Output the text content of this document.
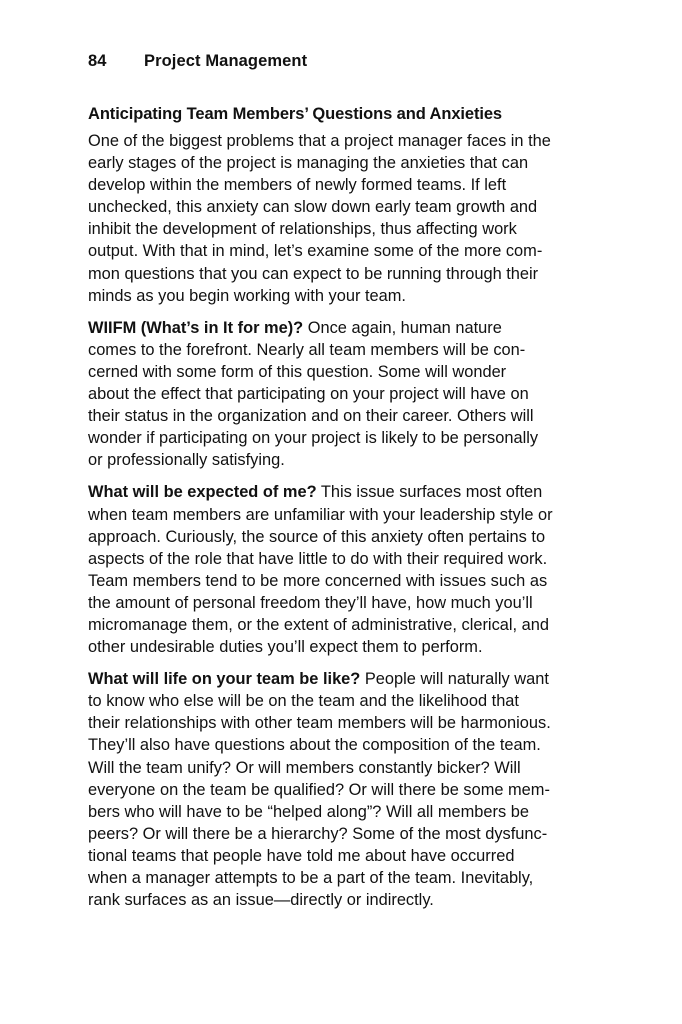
84	Project Management
Anticipating Team Members’ Questions and Anxieties

One of the biggest problems that a project manager faces in the
early stages of the project is managing the anxieties that can
develop within the members of newly formed teams. If left
unchecked, this anxiety can slow down early team growth and
inhibit the development of relationships, thus affecting work
output. With that in mind, let’s examine some of the more com-
mon questions that you can expect to be running through their
minds as you begin working with your team.

WIIFM (What’s in It for me)? Once again, human nature
comes to the forefront. Nearly all team members will be con-
cerned with some form of this question. Some will wonder
about the effect that participating on your project will have on
their status in the organization and on their career. Others will
wonder if participating on your project is likely to be personally
or professionally satisfying.

What will be expected of me? This issue surfaces most often
when team members are unfamiliar with your leadership style or
approach. Curiously, the source of this anxiety often pertains to
aspects of the role that have little to do with their required work.
Team members tend to be more concerned with issues such as
the amount of personal freedom they’ll have, how much you’ll
micromanage them, or the extent of administrative, clerical, and
other undesirable duties you’ll expect them to perform.

What will life on your team be like? People will naturally want
to know who else will be on the team and the likelihood that
their relationships with other team members will be harmonious.
They’ll also have questions about the composition of the team.
Will the team unify? Or will members constantly bicker? Will
everyone on the team be qualified? Or will there be some mem-
bers who will have to be “helped along”? Will all members be
peers? Or will there be a hierarchy? Some of the most dysfunc-
tional teams that people have told me about have occurred
when a manager attempts to be a part of the team. Inevitably,
rank surfaces as an issue—directly or indirectly.
